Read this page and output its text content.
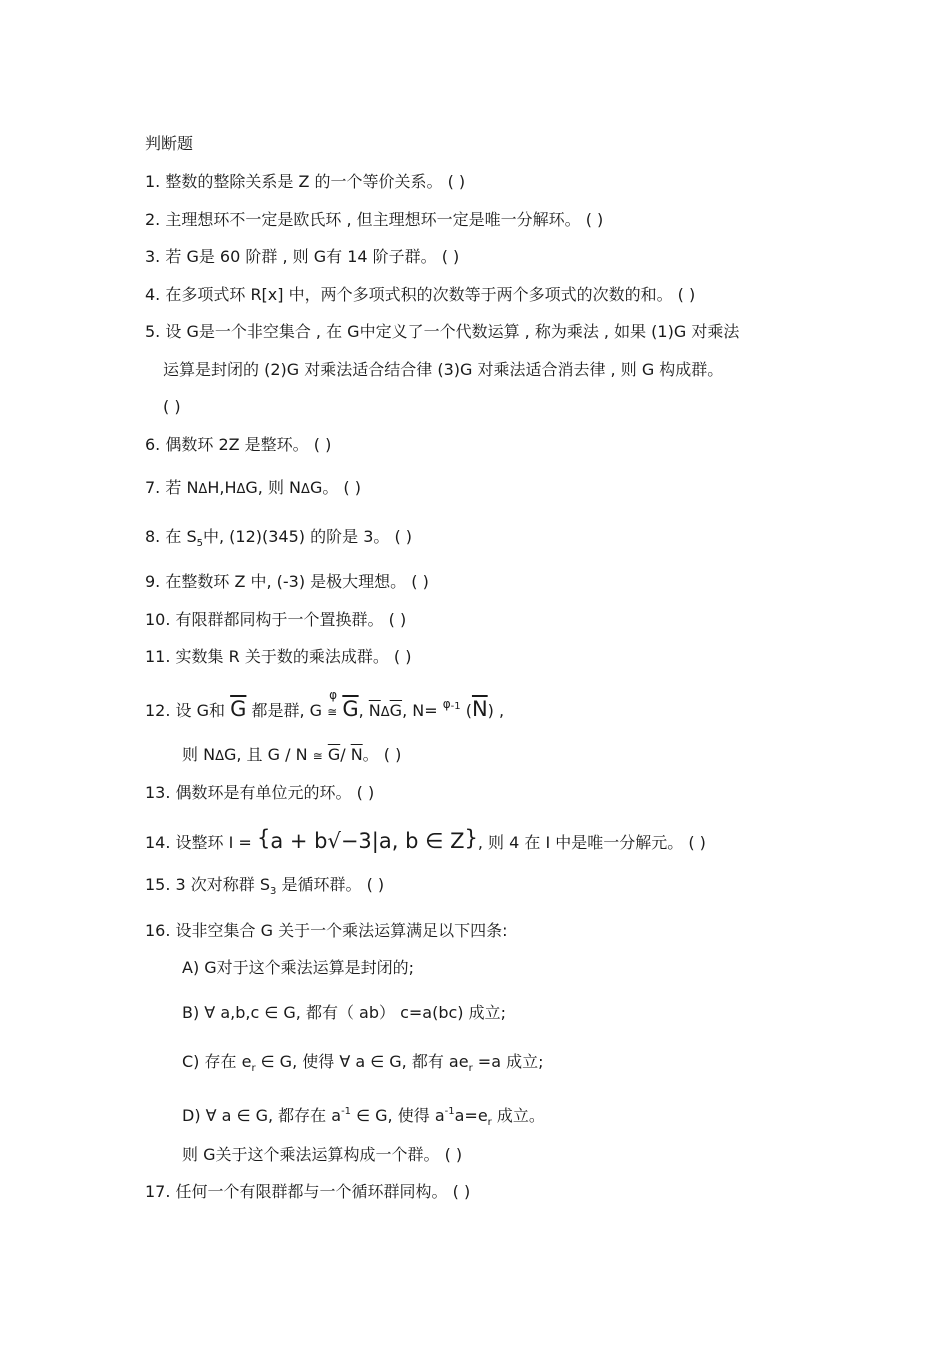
判断题
1. 整数的整除关系是 Z 的一个等价关系。 ( )
2. 主理想环不一定是欧氏环 , 但主理想环一定是唯一分解环。 ( )
3. 若 G是 60 阶群 , 则 G有 14 阶子群。 ( )
4. 在多项式环 R[x] 中，两个多项式积的次数等于两个多项式的次数的和。 ( )
5. 设 G是一个非空集合 , 在 G中定义了一个代数运算 , 称为乘法 , 如果 (1)G 对乘法
运算是封闭的 (2)G 对乘法适合结合律 (3)G 对乘法适合消去律 , 则 G 构成群。
( )
6. 偶数环 2Z 是整环。 ( )
7. 若 NΔH,HΔG, 则 NΔG。 ( )
8. 在 $S_5$中, (12)(345) 的阶是 3。 ( )
9. 在整数环 Z 中, (-3) 是极大理想。 ( )
10. 有限群都同构于一个置换群。 ( )
11. 实数集 R 关于数的乘法成群。 ( )
12. 设 G和 $\overline{G}$ 都是群, G ≅
φ
$\overline{G}$, $\overline{N}\Delta\overline{G}$, N= $^{\varphi-1}$ $(\overline{N})$ ,
则 NΔG, 且 G / N ≅ $\overline{G}/$ $\overline{N}$。 ( )
13. 偶数环是有单位元的环。 ( )
14. 设整环 I = {a + b√−3|a, b ∈ Z}, 则 4 在 I 中是唯一分解元。 ( )
15. 3 次对称群 $S_3$ 是循环群。 ( )
16. 设非空集合 G 关于一个乘法运算满足以下四条:
A) G对于这个乘法运算是封闭的;
B) ∀ a,b,c ∈ G, 都有（ ab） c=a(bc) 成立;
C) 存在 $e_r$ ∈ G, 使得 ∀ a ∈ G, 都有 $ae_r =a$ 成立;
D) ∀ a ∈ G, 都存在 $a^{-1}$ ∈ G, 使得 $a^{-1}a=e_r$ 成立。
则 G关于这个乘法运算构成一个群。 ( )
17. 任何一个有限群都与一个循环群同构。 ( )
